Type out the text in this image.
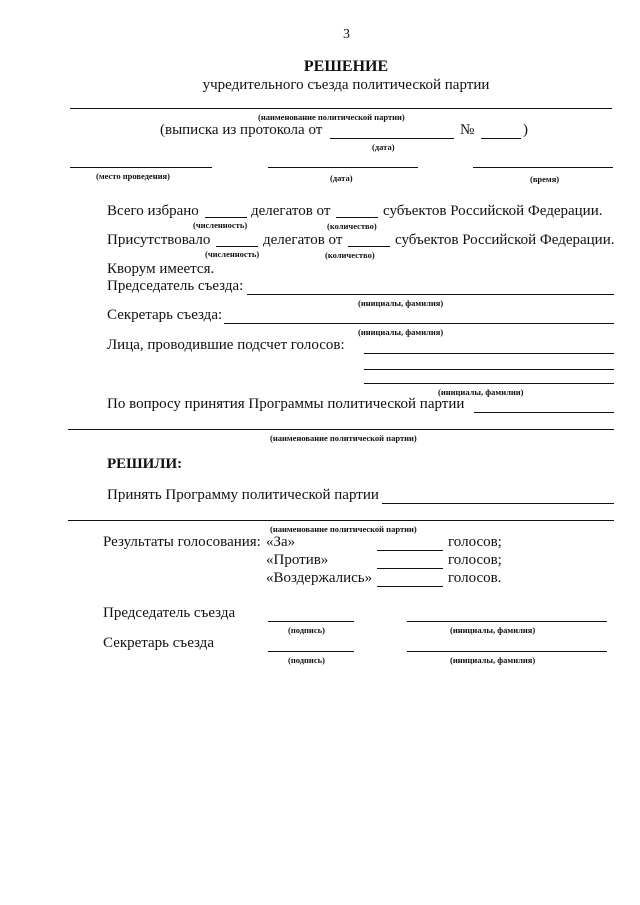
3
РЕШЕНИЕ
учредительного съезда политической партии
(наименование политической партии)
(выписка из протокола от	№	)
(дата)
(место проведения)	(дата)	(время)
Всего избрано	делегатов от	субъектов Российской Федерации.
(численность)	(количество)
Присутствовало	делегатов от	субъектов Российской Федерации.
(численность)	(количество)
Кворум имеется.
Председатель съезда:
(инициалы, фамилия)
Секретарь съезда:
(инициалы, фамилия)
Лица, проводившие подсчет голосов:
(инициалы, фамилии)
По вопросу принятия Программы политической партии
(наименование политической партии)
РЕШИЛИ:
Принять Программу политической партии
(наименование политической партии)
Результаты голосования: «За»	голосов;
«Против»	голосов;
«Воздержались»	голосов.
Председатель съезда
(подпись)	(инициалы, фамилия)
Секретарь съезда
(подпись)	(инициалы, фамилия)
